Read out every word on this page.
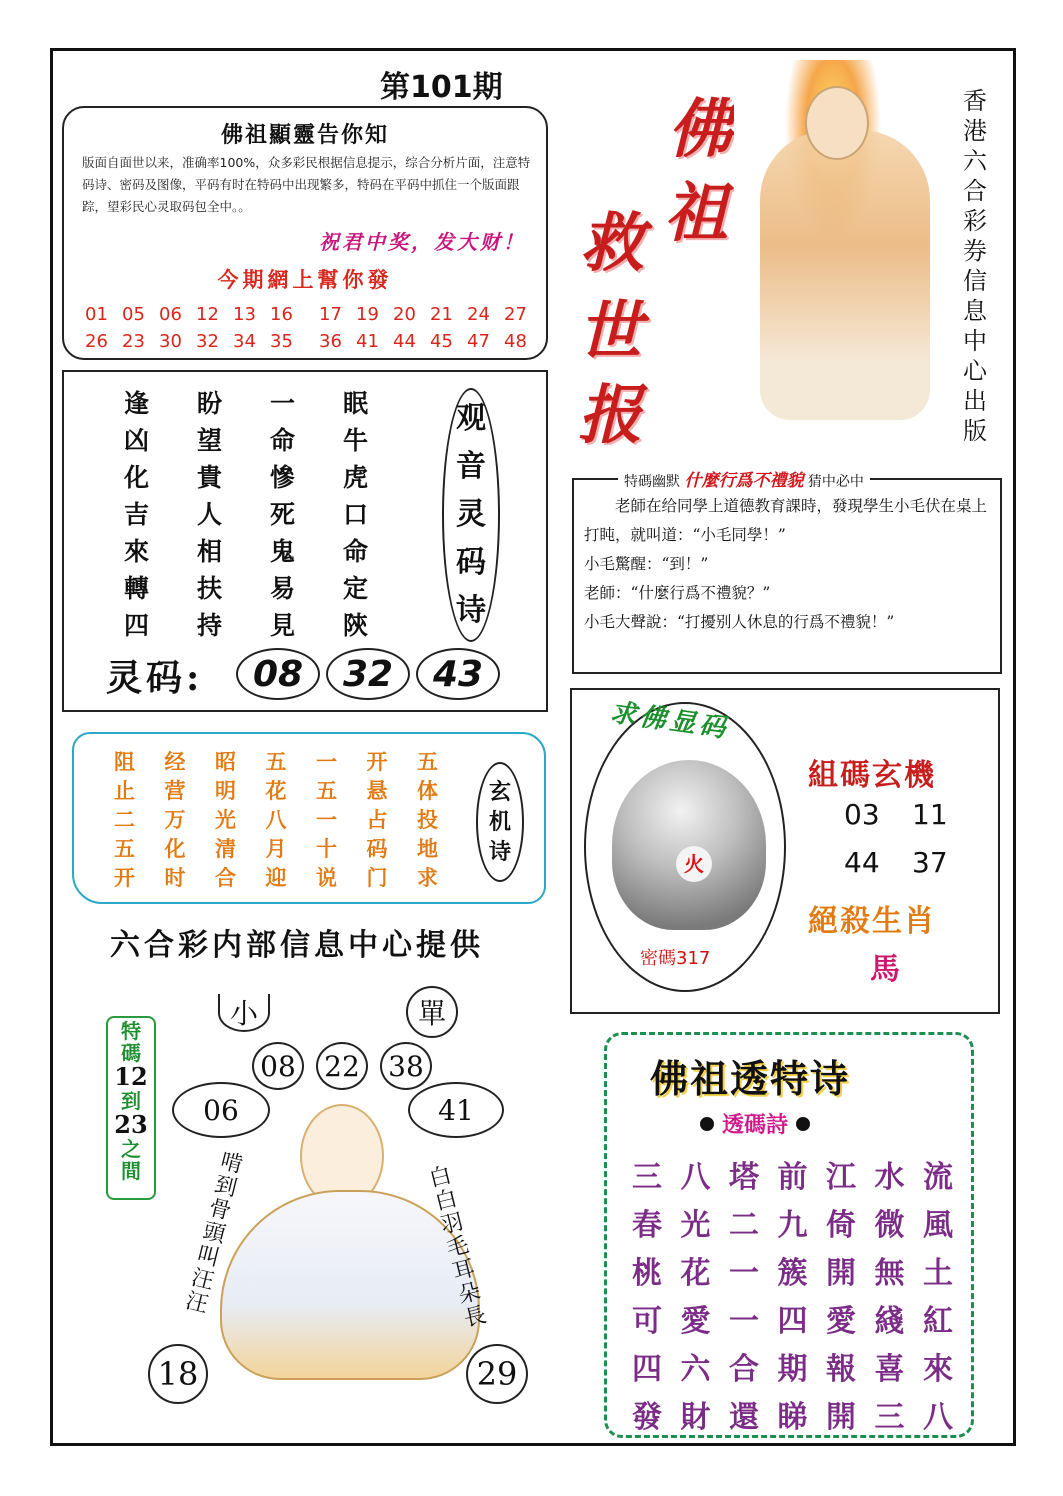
第101期
佛祖顯靈告你知
版面自面世以来，准确率100%，众多彩民根据信息提示，综合分析片面，注意特码诗、密码及图像，平码有时在特码中出现繁多，特码在平码中抓住一个版面跟踪，望彩民心灵取码包全中。。
祝君中奖，发大财！
今期網上幫你發
01 05 06 12 13 16	17 19 20 21 24 27
26 23 30 32 34 35	36 41 44 45 47 48
佛
祖
救
世
报
香港六合彩券信息中心出版
逢	盼	一	眠
凶	望	命	牛
化	貴	慘	虎
吉	人	死	口
來	相	鬼	命
轉	扶	易	定
四	持	見	陝
观
音
灵
码
诗
灵码:	08	32	43
特碼幽默 什麼行爲不禮貌 猜中必中

老師在给同學上道德教育課時，發現學生小毛伏在桌上打盹，就叫道：“小毛同學！”

小毛驚醒：“到！”

老師：“什麼行爲不禮貌？”

小毛大聲說：“打擾别人休息的行爲不禮貌！”

阻	经	昭	五	一	开	五
止	营	明	花	五	悬	体
二	万	光	八	一	占	投
五	化	清	月	十	码	地
开	时	合	迎	说	门	求
玄
机
诗
六合彩内部信息中心提供
火
求佛显码
密碼317
組碼玄機
03 11
44 37
絕殺生肖
馬
小	單
08 22 38
06	41
18	29
特
碼
12
到
23
之
間	啃到骨頭叫汪汪
白白羽毛耳朵長
佛祖透特诗
透碼詩
三 八 塔 前 江 水 流
春 光 二 九 倚 微 風
桃 花 一 簇 開 無 土
可 愛 一 四 愛 綫 紅
四 六 合 期 報 喜 來
發 財 還 睇 開 三 八
